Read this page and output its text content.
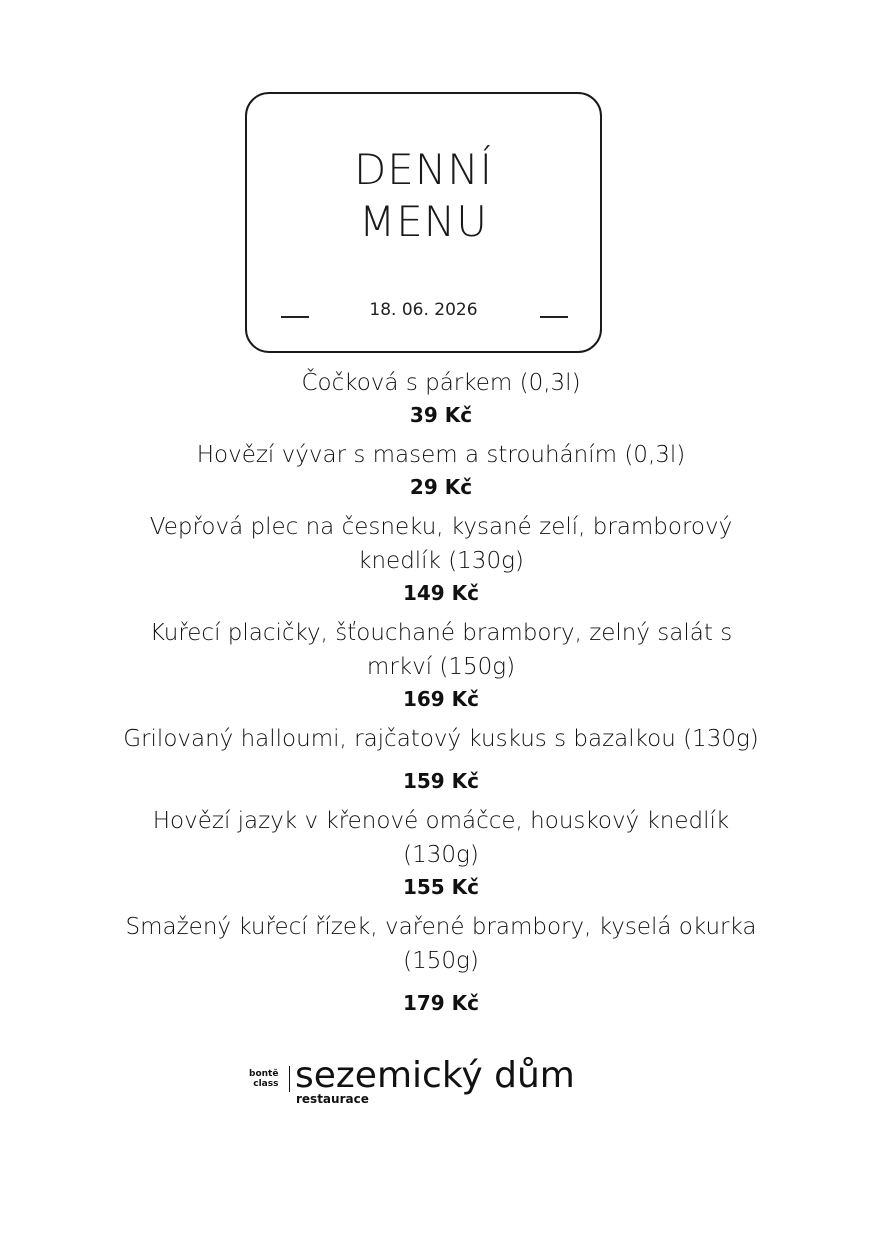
DENNÍ
MENU
18. 06. 2026
Čočková s párkem (0,3l)
39 Kč
Hovězí vývar s masem a strouháním (0,3l)
29 Kč
Vepřová plec na česneku, kysané zelí, bramborový knedlík (130g)
149 Kč
Kuřecí placičky, šťouchané brambory, zelný salát s mrkví (150g)
169 Kč
Grilovaný halloumi, rajčatový kuskus s bazalkou (130g)
159 Kč
Hovězí jazyk v křenové omáčce, houskový knedlík (130g)
155 Kč
Smažený kuřecí řízek, vařené brambory, kyselá okurka (150g)
179 Kč
bontě
class sezemický dům
restaurace
